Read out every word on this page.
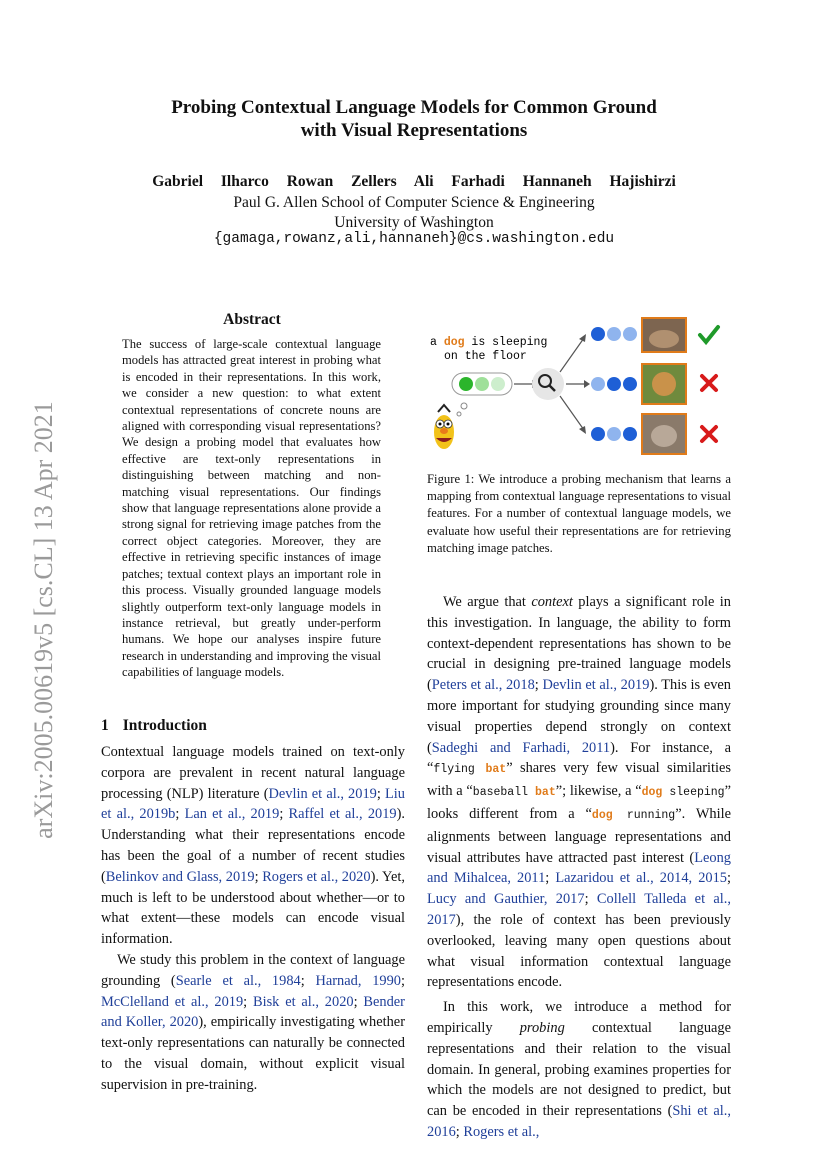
Probing Contextual Language Models for Common Ground
with Visual Representations
Gabriel Ilharco Rowan Zellers Ali Farhadi Hannaneh Hajishirzi
Paul G. Allen School of Computer Science & Engineering
University of Washington
{gamaga,rowanz,ali,hannaneh}@cs.washington.edu
arXiv:2005.00619v5 [cs.CL] 13 Apr 2021
Abstract
The success of large-scale contextual language models has attracted great interest in probing what is encoded in their representations. In this work, we consider a new question: to what extent contextual representations of concrete nouns are aligned with corresponding visual representations? We design a probing model that evaluates how effective are text-only representations in distinguishing between matching and non-matching visual representations. Our findings show that language representations alone provide a strong signal for retrieving image patches from the correct object categories. Moreover, they are effective in retrieving specific instances of image patches; textual context plays an important role in this process. Visually grounded language models slightly outperform text-only language models in instance retrieval, but greatly under-perform humans. We hope our analyses inspire future research in understanding and improving the visual capabilities of language models.
a dog is sleeping
on the floor
Figure 1: We introduce a probing mechanism that learns a mapping from contextual language representations to visual features. For a number of contextual language models, we evaluate how useful their representations are for retrieving matching image patches.
1 Introduction

Contextual language models trained on text-only corpora are prevalent in recent natural language processing (NLP) literature (Devlin et al., 2019; Liu et al., 2019b; Lan et al., 2019; Raffel et al., 2019). Understanding what their representations encode has been the goal of a number of recent studies (Belinkov and Glass, 2019; Rogers et al., 2020). Yet, much is left to be understood about whether—or to what extent—these models can encode visual information.

We study this problem in the context of language grounding (Searle et al., 1984; Harnad, 1990; McClelland et al., 2019; Bisk et al., 2020; Bender and Koller, 2020), empirically investigating whether text-only representations can naturally be connected to the visual domain, without explicit visual supervision in pre-training.

We argue that context plays a significant role in this investigation. In language, the ability to form context-dependent representations has shown to be crucial in designing pre-trained language models (Peters et al., 2018; Devlin et al., 2019). This is even more important for studying grounding since many visual properties depend strongly on context (Sadeghi and Farhadi, 2011). For instance, a “flying bat” shares very few visual similarities with a “baseball bat”; likewise, a “dog sleeping” looks different from a “dog running”. While alignments between language representations and visual attributes have attracted past interest (Leong and Mihalcea, 2011; Lazaridou et al., 2014, 2015; Lucy and Gauthier, 2017; Collell Talleda et al., 2017), the role of context has been previously overlooked, leaving many open questions about what visual information contextual language representations encode.

In this work, we introduce a method for empirically probing contextual language representations and their relation to the visual domain. In general, probing examines properties for which the models are not designed to predict, but can be encoded in their representations (Shi et al., 2016; Rogers et al.,
